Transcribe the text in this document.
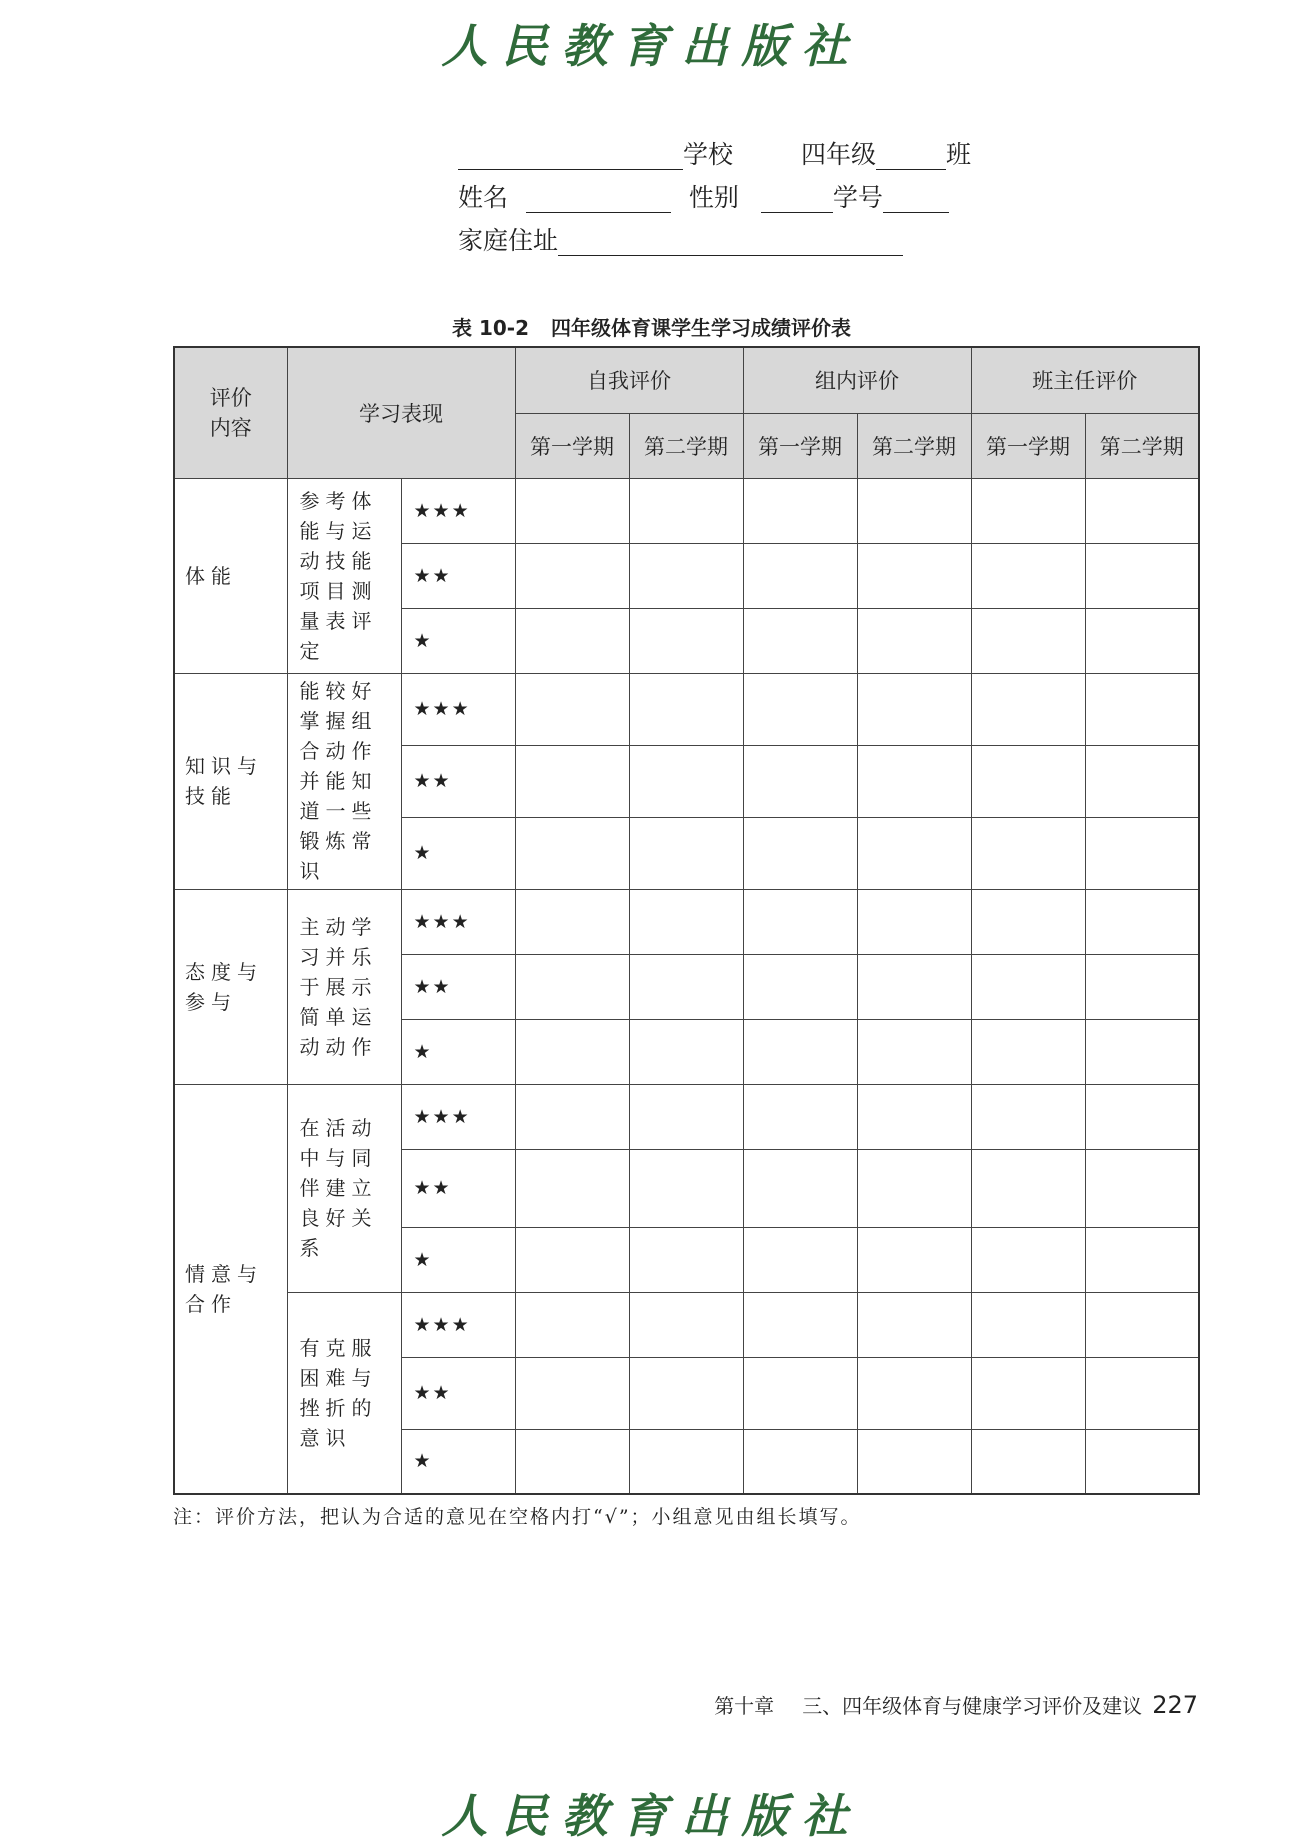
人民教育出版社
学校	四年级	班
姓名	性别	学号
家庭住址
表 10-2 四年级体育课学生学习成绩评价表
评价内容	学习表现		自我评价		组内评价		班主任评价	
			第一学期	第二学期	第一学期	第二学期	第一学期	第二学期
体能	参考体能与运动技能项目测量表评定	★★★						
		★★						
		★						
知识与技能	能较好掌握组合动作并能知道一些锻炼常识	★★★						
		★★						
		★						
态度与参与	主动学习并乐于展示简单运动动作	★★★						
		★★						
		★						
情意与合作	在活动中与同伴建立良好关系	★★★						
		★★						
		★						
	有克服困难与挫折的意识	★★★						
		★★						
		★						
注：评价方法，把认为合适的意见在空格内打“√”；小组意见由组长填写。
第十章 三、四年级体育与健康学习评价及建议 227
人民教育出版社
